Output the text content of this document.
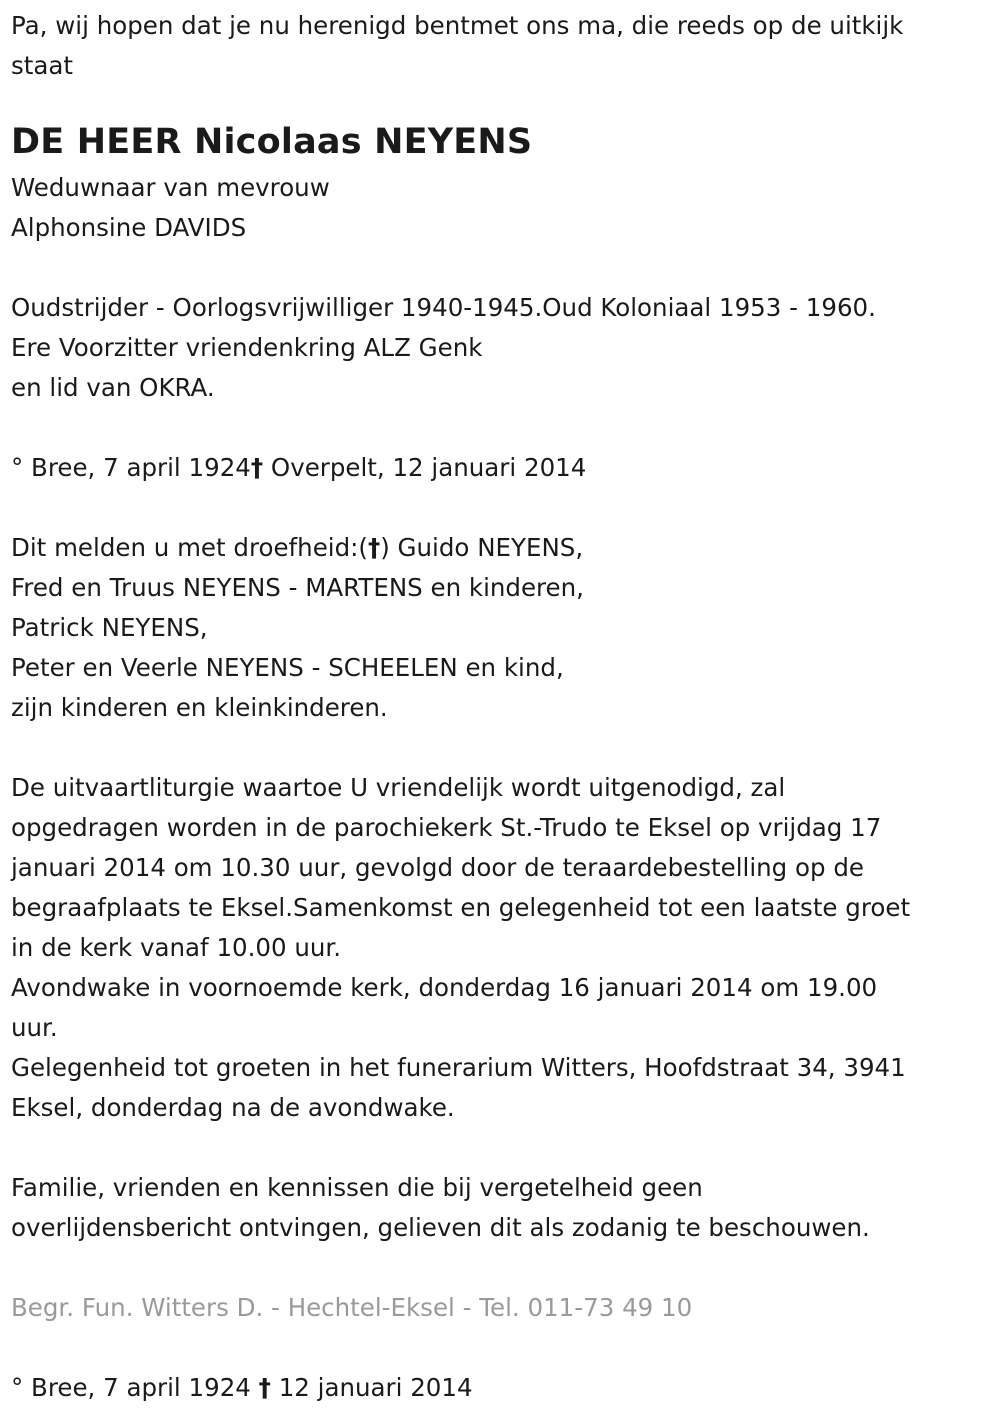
Pa, wij hopen dat je nu herenigd bentmet ons ma, die reeds op de uitkijk
staat
DE HEER Nicolaas NEYENS
Weduwnaar van mevrouw
Alphonsine DAVIDS
Oudstrijder - Oorlogsvrijwilliger 1940-1945.Oud Koloniaal 1953 - 1960.
Ere Voorzitter vriendenkring ALZ Genk
en lid van OKRA.
° Bree, 7 april 1924† Overpelt, 12 januari 2014
Dit melden u met droefheid:(†) Guido NEYENS,
Fred en Truus NEYENS - MARTENS en kinderen,
Patrick NEYENS,
Peter en Veerle NEYENS - SCHEELEN en kind,
zijn kinderen en kleinkinderen.
De uitvaartliturgie waartoe U vriendelijk wordt uitgenodigd, zal
opgedragen worden in de parochiekerk St.-Trudo te Eksel op vrijdag 17
januari 2014 om 10.30 uur, gevolgd door de teraardebestelling op de
begraafplaats te Eksel.Samenkomst en gelegenheid tot een laatste groet
in de kerk vanaf 10.00 uur.
Avondwake in voornoemde kerk, donderdag 16 januari 2014 om 19.00
uur.
Gelegenheid tot groeten in het funerarium Witters, Hoofdstraat 34, 3941
Eksel, donderdag na de avondwake.
Familie, vrienden en kennissen die bij vergetelheid geen
overlijdensbericht ontvingen, gelieven dit als zodanig te beschouwen.
Begr. Fun. Witters D. - Hechtel-Eksel - Tel. 011-73 49 10
° Bree, 7 april 1924 † 12 januari 2014
